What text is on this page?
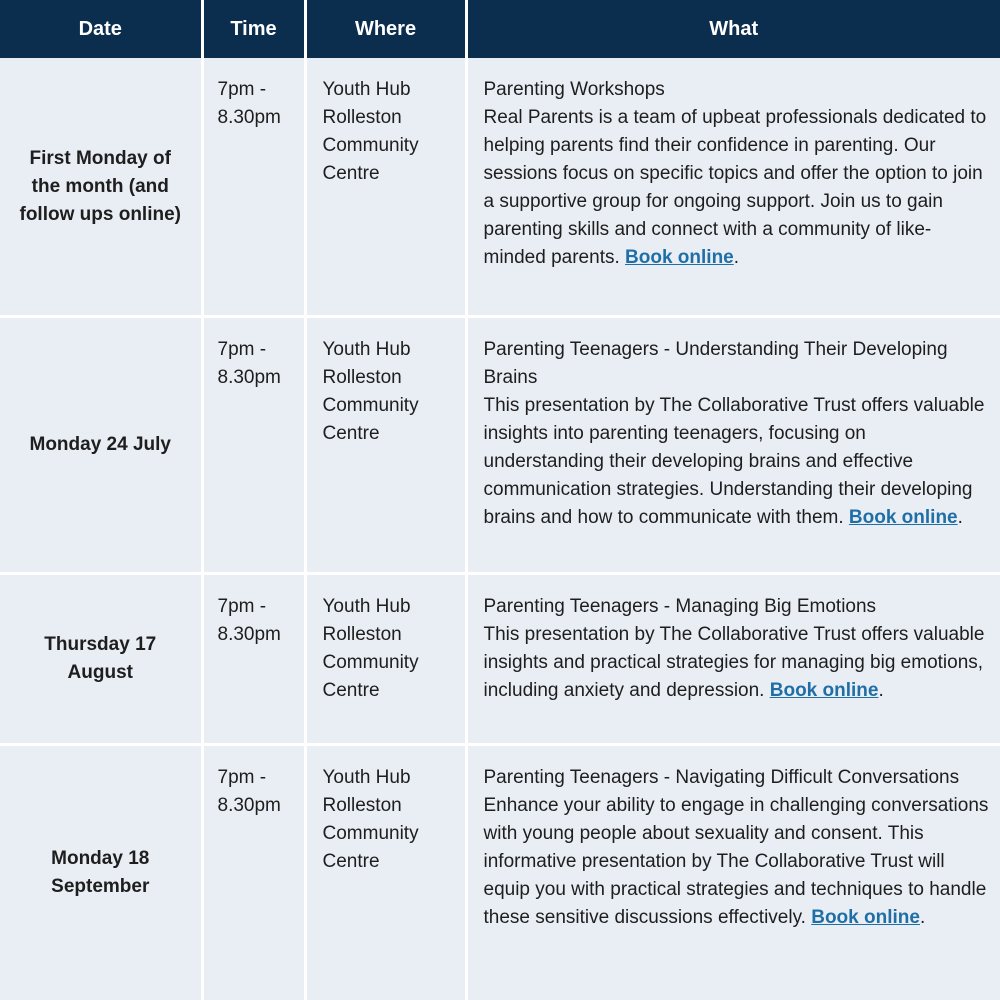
Date	Time	Where	What
First Monday of the month (and follow ups online)	7pm - 8.30pm	Youth Hub Rolleston Community Centre	Parenting Workshops
Real Parents is a team of upbeat professionals dedicated to helping parents find their confidence in parenting. Our sessions focus on specific topics and offer the option to join a supportive group for ongoing support. Join us to gain parenting skills and connect with a community of like-minded parents. Book online.
Monday 24 July	7pm - 8.30pm	Youth Hub Rolleston Community Centre	Parenting Teenagers - Understanding Their Developing Brains
This presentation by The Collaborative Trust offers valuable insights into parenting teenagers, focusing on understanding their developing brains and effective communication strategies. Understanding their developing brains and how to communicate with them. Book online.
Thursday 17 August	7pm - 8.30pm	Youth Hub Rolleston Community Centre	Parenting Teenagers - Managing Big Emotions
This presentation by The Collaborative Trust offers valuable insights and practical strategies for managing big emotions, including anxiety and depression. Book online.
Monday 18 September	7pm - 8.30pm	Youth Hub Rolleston Community Centre	Parenting Teenagers - Navigating Difficult Conversations
Enhance your ability to engage in challenging conversations with young people about sexuality and consent. This informative presentation by The Collaborative Trust will equip you with practical strategies and techniques to handle these sensitive discussions effectively. Book online.
